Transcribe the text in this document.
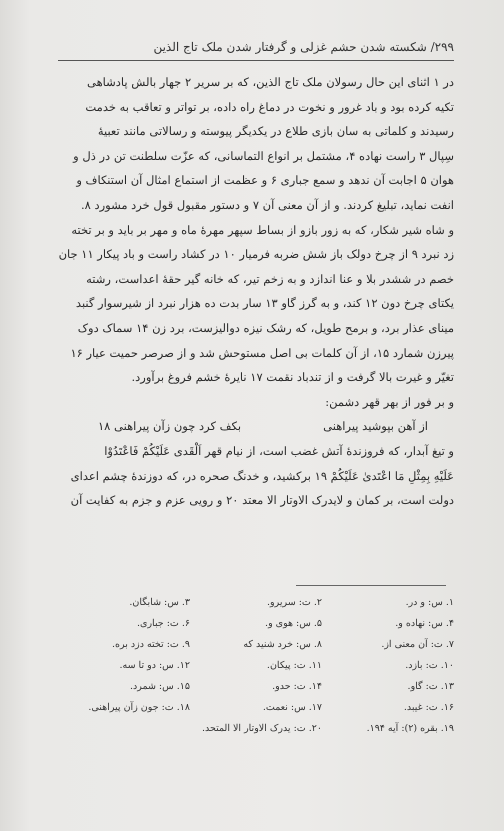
۲۹۹/ شکسته شدن حشم غزلی و گرفتار شدن ملک تاج الذین

در ۱ اثنای این حال رسولان ملک تاج الذین، که بر سریر ۲ جهار بالش پادشاهی

تکیه کرده بود و باد غرور و نخوت در دماغ راه داده، بر تواتر و تعاقب به خدمت

رسیدند و کلماتی به سان بازی طلاع در یکدیگر پیوسته و رسالاتی مانند تعبیهٔ

سِپال ۳ راست نهاده ۴، مشتمل بر انواع التماسانی، که عزّت سلطنت تن در ذل و

هوان ۵ اجابت آن ندهد و سمع جباری ۶ و عظمت از استماع امثال آن استنکاف و

انفت نماید، تبلیغ کردند. و از آن معنی آن ۷ و دستور مقبول قول خرد مشورد ۸.

و شاه شیر شکار، که به زور بازو از بساط سپهر مهرهٔ ماه و مهر بر باید و بر تخته

زد نبرد ۹ از چرخ دولک باز شش ضربه فرمیار ۱۰ در کشاد راست و باد پیکار ۱۱ جان

خصم در ششدر بلا و عنا اندازد و به زخم تیر، که خانه گیر حقهٔ اعداست، رشته

یکتای چرخ دون ۱۲ کند، و به گرز گاو ۱۳ سار بدت ده هزار نبرد از شیرسوار گنبد

مینای عذار برد، و برمح طویل، که رشک نیزه دوالیزست، برد زن ۱۴ سماک دوک

پیرزن شمارد ۱۵، از آن کلمات بی اصل مستوحش شد و از صرصر حمیت عیار ۱۶

تغیّر و غیرت بالا گرفت و از تندباد نقمت ۱۷ نایرهٔ خشم فروغ برآورد.

و بر فور از بهر قهر دشمن:

از آهن بپوشید پیراهنی
بکف کرد چون زآن پیراهنی ۱۸

و تیغ آبدار، که فروزندهٔ آتش غضب است، از نیام قهر اَلْقَدی عَلَیْکُمْ فَاعْتَدُوْا

عَلَیْهِ بِمِثْلِ مَا اعْتَدیٰ عَلَیْکُمْ ۱۹ برکشید، و خدنگ صحره در، که دوزندهٔ چشم اعدای

دولت است، بر کمان و لایدرک الاوتار الا معتد ۲۰ و رویی عزم و جزم به کفایت آن

۱. س: و در.
۲. ت: سریرو.
۳. س: شابگان.
۴. س: نهاده و.
۵. س: هوی و.
۶. ت: جباری.
۷. ت: آن معنی از.
۸. س: خرد شنید که
۹. ت: تخته دزد بره.
۱۰. ت: بازد.
۱۱. ت: پیکان.
۱۲. س: دو تا سه.
۱۳. ت: گاو.
۱۴. ت: حدو.
۱۵. س: شمرد.
۱۶. ت: غیبد.
۱۷. س: نعمت.
۱۸. ت: جون زآن پیراهنی.
۱۹. بقره (۲): آیه ۱۹۴.
۲۰. ت: یدرک الاوتار الا المتحد.
